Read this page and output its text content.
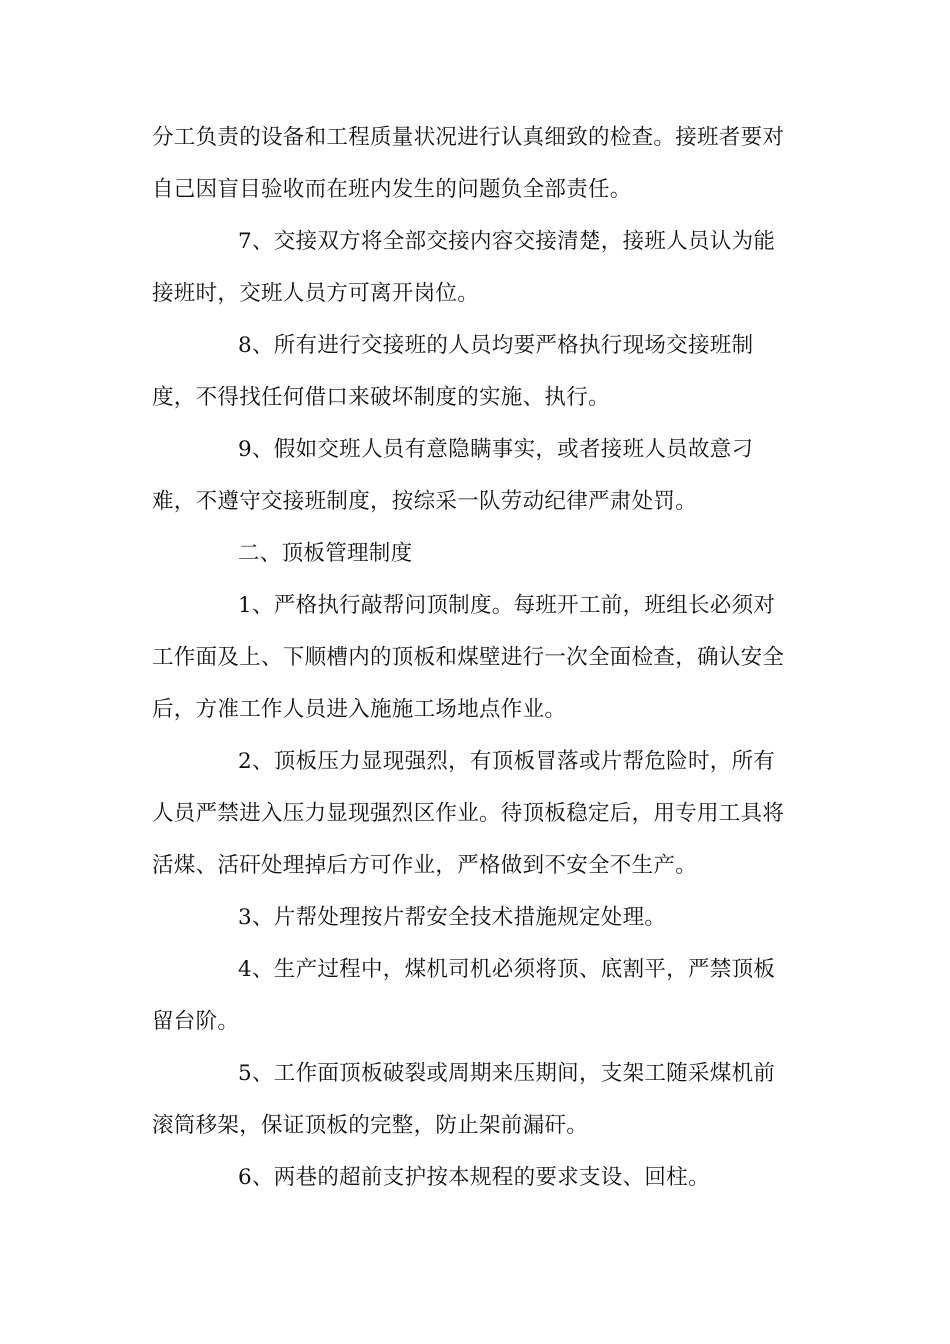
分工负责的设备和工程质量状况进行认真细致的检查。接班者要对
自己因盲目验收而在班内发生的问题负全部责任。
7、交接双方将全部交接内容交接清楚，接班人员认为能
接班时，交班人员方可离开岗位。
8、所有进行交接班的人员均要严格执行现场交接班制
度，不得找任何借口来破坏制度的实施、执行。
9、假如交班人员有意隐瞒事实，或者接班人员故意刁
难，不遵守交接班制度，按综采一队劳动纪律严肃处罚。
二、顶板管理制度
1、严格执行敲帮问顶制度。每班开工前，班组长必须对
工作面及上、下顺槽内的顶板和煤壁进行一次全面检查，确认安全
后，方准工作人员进入施施工场地点作业。
2、顶板压力显现强烈，有顶板冒落或片帮危险时，所有
人员严禁进入压力显现强烈区作业。待顶板稳定后，用专用工具将
活煤、活矸处理掉后方可作业，严格做到不安全不生产。
3、片帮处理按片帮安全技术措施规定处理。
4、生产过程中，煤机司机必须将顶、底割平，严禁顶板
留台阶。
5、工作面顶板破裂或周期来压期间，支架工随采煤机前
滚筒移架，保证顶板的完整，防止架前漏矸。
6、两巷的超前支护按本规程的要求支设、回柱。
